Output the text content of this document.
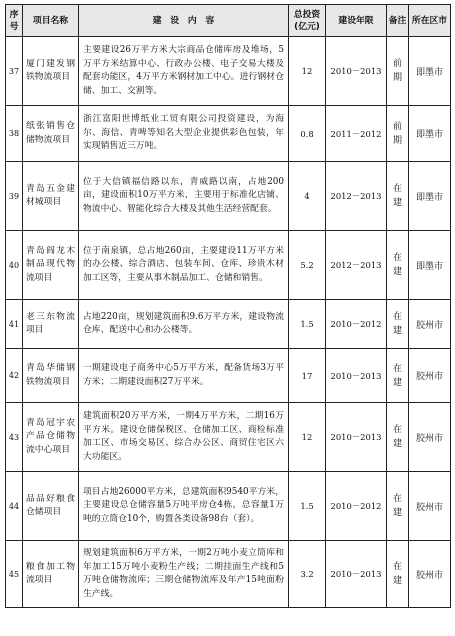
序号	项目名称	建　设　内　容	总投资(亿元)	建设年限	备注	所在区市
37	厦门建发钢铁物流项目	主要建设26万平方米大宗商品仓储库房及堆场，5万平方米结算中心、行政办公楼、电子交易大楼及配套功能区，4万平方米钢材加工中心。进行钢材仓储、加工、交割等。	12	2010－2013	前期	即墨市
38	纸张销售仓储物流项目	浙江富阳世博纸业工贸有限公司投资建设，为海尔、海信、青啤等知名大型企业提供彩色包装，年实现销售近三万吨。	0.8	2011－2012	前期	即墨市
39	青岛五金建材城项目	位于大信镇福信路以东，青威路以南，占地200亩，建设面积10万平方米，主要用于标准化店铺、物流中心、智能化综合大楼及其他生活经营配套。	4	2012－2013	在建	即墨市
40	青岛阎龙木制品现代物流项目	位于南泉镇，总占地260亩，主要建设11万平方米的办公楼、综合酒店、包装车间、仓库、珍贵木材加工区等，主要从事木制品加工、仓储和销售。	5.2	2012－2013	在建	即墨市
41	老三东物流项目	占地220亩，规划建筑面积9.6万平方米，建设物流仓库、配送中心和办公楼等。	1.5	2010－2012	在建	胶州市
42	青岛华储钢铁物流项目	一期建设电子商务中心5万平方米，配备货场3万平方米；二期建设面积27万平米。	17	2010－2013	在建	胶州市
43	青岛冠宇农产品仓储物流中心项目	建筑面积20万平方米，一期4万平方米，二期16万平方米。建设仓储保税区、仓储加工区、商检标准加工区、市场交易区、综合办公区、商贸住宅区六大功能区。	12	2010－2013	在建	胶州市
44	品品好粮食仓储项目	项目占地26000平方米，总建筑面积9540平方米，主要建设总仓储容量5万吨平房仓4栋，总容量1万吨的立筒仓10个，购置各类设备98台（套）。	1.5	2010－2012	在建	胶州市
45	粮食加工物流项目	规划建筑面积6万平方米，一期2万吨小麦立筒库和年加工15万吨小麦粉生产线；二期挂面生产线和5万吨仓储物流库；三期仓储物流库及年产15吨面粉生产线。	3.2	2010－2013	在建	胶州市
